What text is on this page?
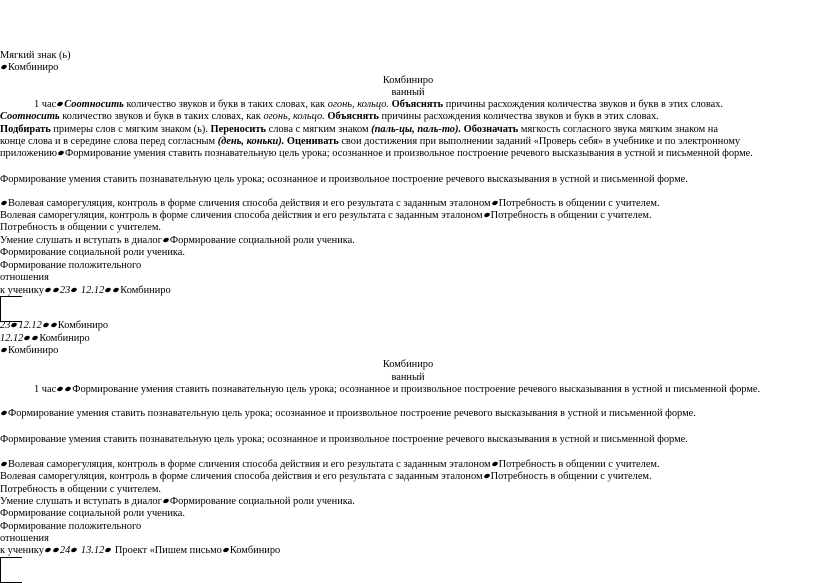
Мягкий знак (ь)
Комбиниро
Комбиниро
ванный
1 час Соотносить количество звуков и букв в таких словах, как огонь, кольцо. Объяснять причины расхождения количества звуков и букв в этих словах.
Соотносить количество звуков и букв в таких словах, как огонь, кольцо. Объяснять причины расхождения количества звуков и букв в этих словах.
Подбирать примеры слов с мягким знаком (ь). Переносить слова с мягким знаком (паль-цы, паль-то). Обозначать мягкость согласного звука мягким знаком на
конце слова и в середине слова перед согласным (день, коньки). Оценивать свои достижения при выполнении заданий «Проверь себя» в учебнике и по электронному
приложению Формирование умения ставить познавательную цель урока; осознанное и произвольное построение речевого высказывания в устной и письменной форме.
Формирование умения ставить познавательную цель урока; осознанное и произвольное построение речевого высказывания в устной и письменной форме.
Волевая саморегуляция, контроль в форме сличения способа действия и его результата с заданным эталоном Потребность в общении с учителем.
Волевая саморегуляция, контроль в форме сличения способа действия и его результата с заданным эталоном Потребность в общении с учителем.
Потребность в общении с учителем.
Умение слушать и вступать в диалог Формирование социальной роли ученика.
Формирование социальной роли ученика.
Формирование положительного
отношения
к ученику 23 12.12 Комбиниро
23 12.12 Комбиниро
12.12 Комбиниро
Комбиниро
Комбиниро
ванный
1 час Формирование умения ставить познавательную цель урока; осознанное и произвольное построение речевого высказывания в устной и письменной форме.
Формирование умения ставить познавательную цель урока; осознанное и произвольное построение речевого высказывания в устной и письменной форме.
Формирование умения ставить познавательную цель урока; осознанное и произвольное построение речевого высказывания в устной и письменной форме.
Волевая саморегуляция, контроль в форме сличения способа действия и его результата с заданным эталоном Потребность в общении с учителем.
Волевая саморегуляция, контроль в форме сличения способа действия и его результата с заданным эталоном Потребность в общении с учителем.
Потребность в общении с учителем.
Умение слушать и вступать в диалог Формирование социальной роли ученика.
Формирование социальной роли ученика.
Формирование положительного
отношения
к ученику 24 13.12 Проект «Пишем письмо Комбиниро
